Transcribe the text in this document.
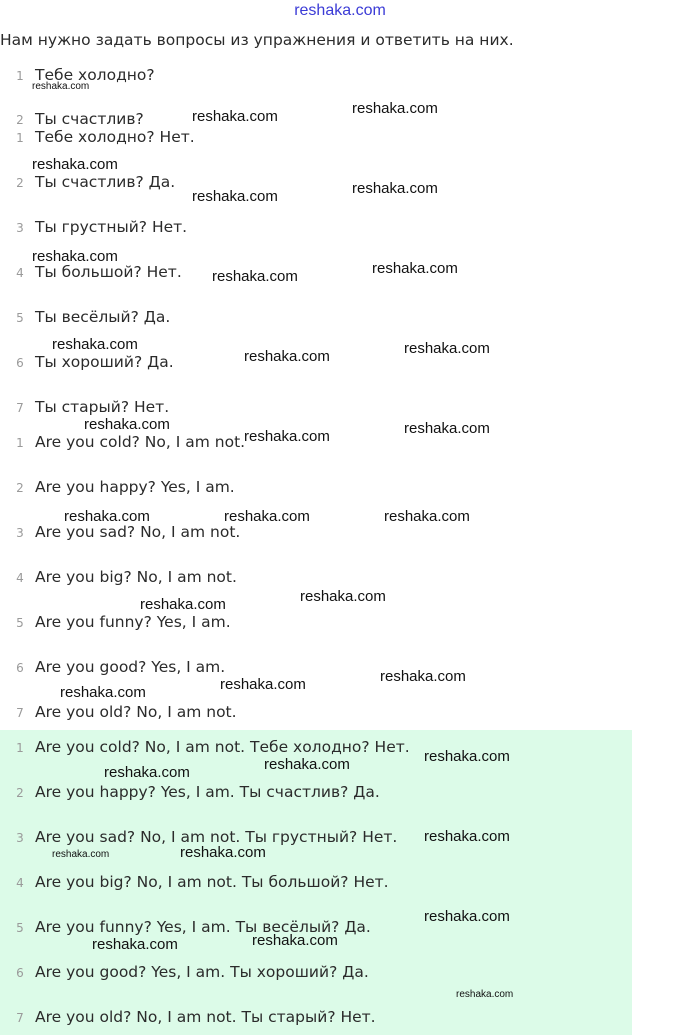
reshaka.com
Нам нужно задать вопросы из упражнения и ответить на них.
1 Тебе холодно?
2 Ты счастлив?
1 Тебе холодно? Нет.
2 Ты счастлив? Да.
3 Ты грустный? Нет.
4 Ты большой? Нет.
5 Ты весёлый? Да.
6 Ты хороший? Да.
7 Ты старый? Нет.
1 Are you cold? No, I am not.
2 Are you happy? Yes, I am.
3 Are you sad? No, I am not.
4 Are you big? No, I am not.
5 Are you funny? Yes, I am.
6 Are you good? Yes, I am.
7 Are you old? No, I am not.
1 Are you cold? No, I am not. Тебе холодно? Нет.
2 Are you happy? Yes, I am. Ты счастлив? Да.
3 Are you sad? No, I am not. Ты грустный? Нет.
4 Are you big? No, I am not. Ты большой? Нет.
5 Are you funny? Yes, I am. Ты весёлый? Да.
6 Are you good? Yes, I am. Ты хороший? Да.
7 Are you old? No, I am not. Ты старый? Нет.
reshaka.com
reshaka.com
reshaka.com
reshaka.com
reshaka.com
reshaka.com
reshaka.com
reshaka.com
reshaka.com
reshaka.com	reshaka.com
reshaka.com
reshaka.com	reshaka.com
reshaka.com
reshaka.com	reshaka.com	reshaka.com
reshaka.com
reshaka.com
reshaka.com
reshaka.com
reshaka.com
reshaka.com
reshaka.com
reshaka.com
reshaka.com
reshaka.com
reshaka.com
reshaka.com
reshaka.com
reshaka.com
reshaka.com
